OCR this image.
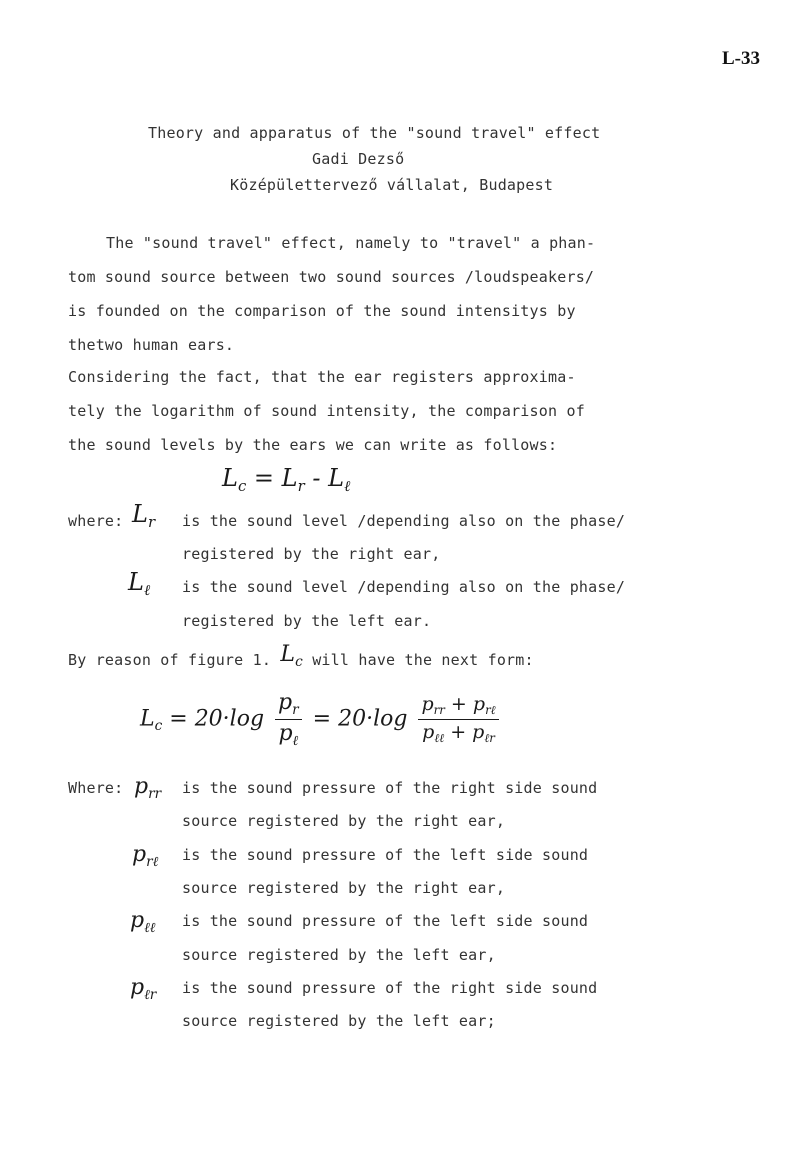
L-33
Theory and apparatus of the "sound travel" effect
Gadi Dezső
Középülettervező vállalat, Budapest
The "sound travel" effect, namely to "travel" a phan-
tom sound source between two sound sources /loudspeakers/
is founded on the comparison of the sound intensitys by
thetwo human ears.
Considering the fact, that the ear registers approxima-
tely the logarithm of sound intensity, the comparison of
the sound levels by the ears we can write as follows:
$L_c = L_r - L_\ell$
where: $L_r$ is the sound level /depending also on the phase/
registered by the right ear,
$L_\ell$ is the sound level /depending also on the phase/
registered by the left ear.
By reason of figure 1. $L_c$ will have the next form:
$L_c = 20\cdot\log \frac{p_r}{p_\ell} = 20\cdot\log \frac{p_{rr} + p_{r\ell}}{p_{\ell\ell} + p_{\ell r}}$
Where: $p_{rr}$ is the sound pressure of the right side sound
source registered by the right ear,
$p_{r\ell}$ is the sound pressure of the left side sound
source registered by the right ear,
$p_{\ell\ell}$ is the sound pressure of the left side sound
source registered by the left ear,
$p_{\ell r}$ is the sound pressure of the right side sound
source registered by the left ear;
